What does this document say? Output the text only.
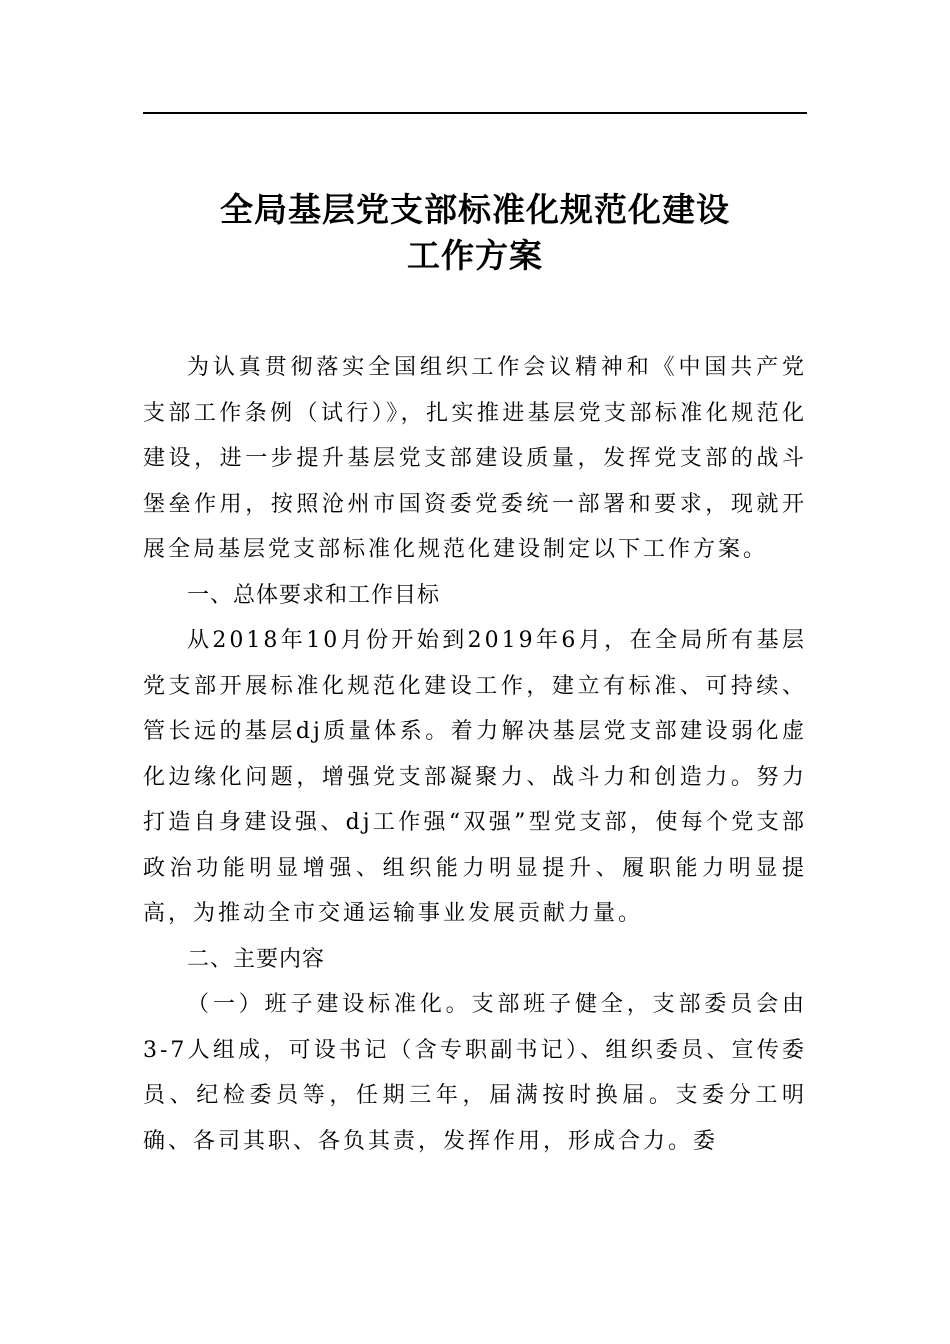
全局基层党支部标准化规范化建设
工作方案

为认真贯彻落实全国组织工作会议精神和《中国共产党支部工作条例（试行）》，扎实推进基层党支部标准化规范化建设，进一步提升基层党支部建设质量，发挥党支部的战斗堡垒作用，按照沧州市国资委党委统一部署和要求，现就开展全局基层党支部标准化规范化建设制定以下工作方案。

一、总体要求和工作目标

从2018年10月份开始到2019年6月，在全局所有基层党支部开展标准化规范化建设工作，建立有标准、可持续、管长远的基层dj质量体系。着力解决基层党支部建设弱化虚化边缘化问题，增强党支部凝聚力、战斗力和创造力。努力打造自身建设强、dj工作强“双强”型党支部，使每个党支部政治功能明显增强、组织能力明显提升、履职能力明显提高，为推动全市交通运输事业发展贡献力量。

二、主要内容

（一）班子建设标准化。支部班子健全，支部委员会由3-7人组成，可设书记（含专职副书记）、组织委员、宣传委员、纪检委员等，任期三年，届满按时换届。支委分工明确、各司其职、各负其责，发挥作用，形成合力。委
